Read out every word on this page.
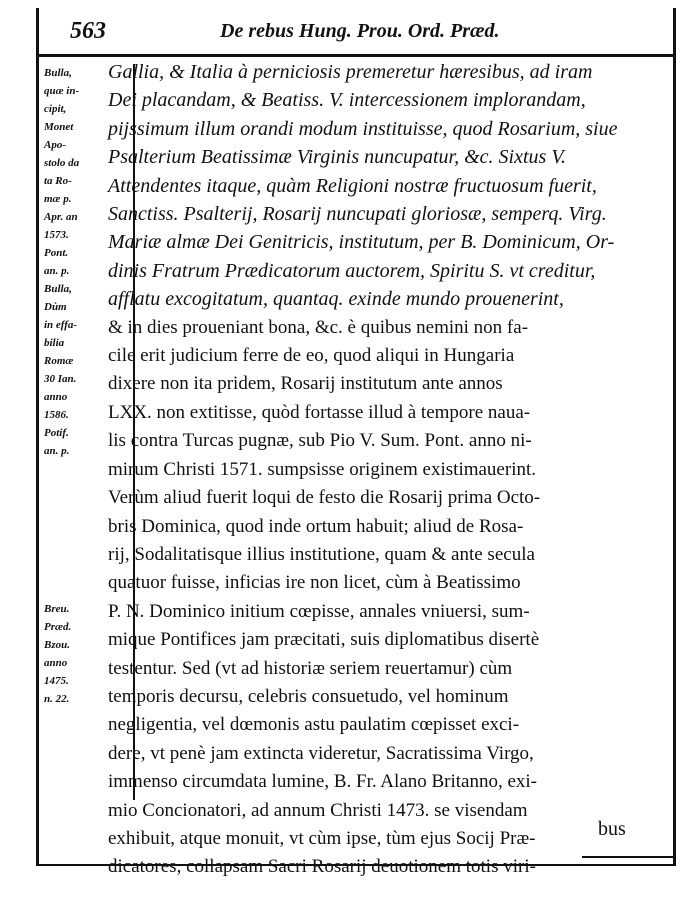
563	De rebus Hung. Prou. Ord. Præd.
Bulla,
quæ in-
cipit,
Monet
Apo-
stolo da
ta Ro-
mæ p.
Apr. an
1573.
Pont.
an. p.
Bulla,
Dùm
in effa-
bilia
Romæ
30 Ian.
anno
1586.
Potif.
an. p.
Breu.
Præd.
Bzou.
anno
1475.
n. 22.
Gallia, & Italia à perniciosis premeretur hæresibus, ad iram
Dei placandam, & Beatiss. V. intercessionem implorandam,
pijssimum illum orandi modum instituisse, quod Rosarium, siue
Psalterium Beatissimæ Virginis nuncupatur, &c. Sixtus V.
Attendentes itaque, quàm Religioni nostræ fructuosum fuerit,
Sanctiss. Psalterij, Rosarij nuncupati gloriosæ, semperq. Virg.
Mariæ almæ Dei Genitricis, institutum, per B. Dominicum, Or-
dinis Fratrum Prædicatorum auctorem, Spiritu S. vt creditur,
afflatu excogitatum, quantaq. exinde mundo prouenerint,
& in dies proueniant bona, &c. è quibus nemini non fa-
cile erit judicium ferre de eo, quod aliqui in Hungaria
dixere non ita pridem, Rosarij institutum ante annos
LXX. non extitisse, quòd fortasse illud à tempore naua-
lis contra Turcas pugnæ, sub Pio V. Sum. Pont. anno ni-
mirum Christi 1571. sumpsisse originem existimauerint.
Verùm aliud fuerit loqui de festo die Rosarij prima Octo-
bris Dominica, quod inde ortum habuit; aliud de Rosa-
rij, Sodalitatisque illius institutione, quam & ante secula
quatuor fuisse, inficias ire non licet, cùm à Beatissimo
P. N. Dominico initium cœpisse, annales vniuersi, sum-
mique Pontifices jam præcitati, suis diplomatibus disertè
testentur. Sed (vt ad historiæ seriem reuertamur) cùm
temporis decursu, celebris consuetudo, vel hominum
negligentia, vel dœmonis astu paulatim cœpisset exci-
dere, vt penè jam extincta videretur, Sacratissima Virgo,
immenso circumdata lumine, B. Fr. Alano Britanno, exi-
mio Concionatori, ad annum Christi 1473. se visendam
exhibuit, atque monuit, vt cùm ipse, tùm ejus Socij Præ-
dicatores, collapsam Sacri Rosarij deuotionem totis viri-
bus
